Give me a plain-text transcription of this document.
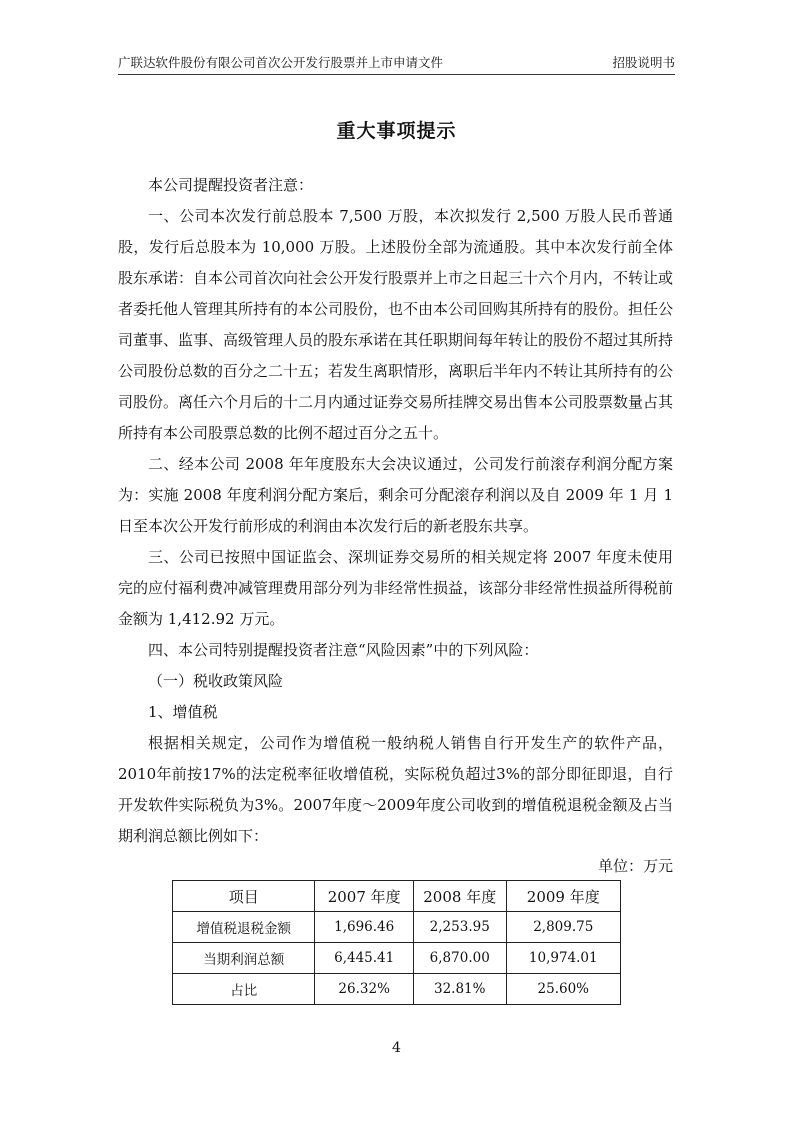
广联达软件股份有限公司首次公开发行股票并上市申请文件	招股说明书
重大事项提示

本公司提醒投资者注意：

一、公司本次发行前总股本 7,500 万股，本次拟发行 2,500 万股人民币普通股，发行后总股本为 10,000 万股。上述股份全部为流通股。其中本次发行前全体股东承诺：自本公司首次向社会公开发行股票并上市之日起三十六个月内，不转让或者委托他人管理其所持有的本公司股份，也不由本公司回购其所持有的股份。担任公司董事、监事、高级管理人员的股东承诺在其任职期间每年转让的股份不超过其所持公司股份总数的百分之二十五；若发生离职情形，离职后半年内不转让其所持有的公司股份。离任六个月后的十二月内通过证券交易所挂牌交易出售本公司股票数量占其所持有本公司股票总数的比例不超过百分之五十。

二、经本公司 2008 年年度股东大会决议通过，公司发行前滚存利润分配方案为：实施 2008 年度利润分配方案后，剩余可分配滚存利润以及自 2009 年 1 月 1 日至本次公开发行前形成的利润由本次发行后的新老股东共享。

三、公司已按照中国证监会、深圳证券交易所的相关规定将 2007 年度未使用完的应付福利费冲减管理费用部分列为非经常性损益，该部分非经常性损益所得税前金额为 1,412.92 万元。

四、本公司特别提醒投资者注意“风险因素”中的下列风险：

（一）税收政策风险

1、增值税

根据相关规定，公司作为增值税一般纳税人销售自行开发生产的软件产品，2010年前按17%的法定税率征收增值税，实际税负超过3%的部分即征即退，自行开发软件实际税负为3%。2007年度～2009年度公司收到的增值税退税金额及占当期利润总额比例如下：

单位：万元
项目	2007 年度	2008 年度	2009 年度
增值税退税金额	1,696.46	2,253.95	2,809.75
当期利润总额	6,445.41	6,870.00	10,974.01
占比	26.32%	32.81%	25.60%
4
